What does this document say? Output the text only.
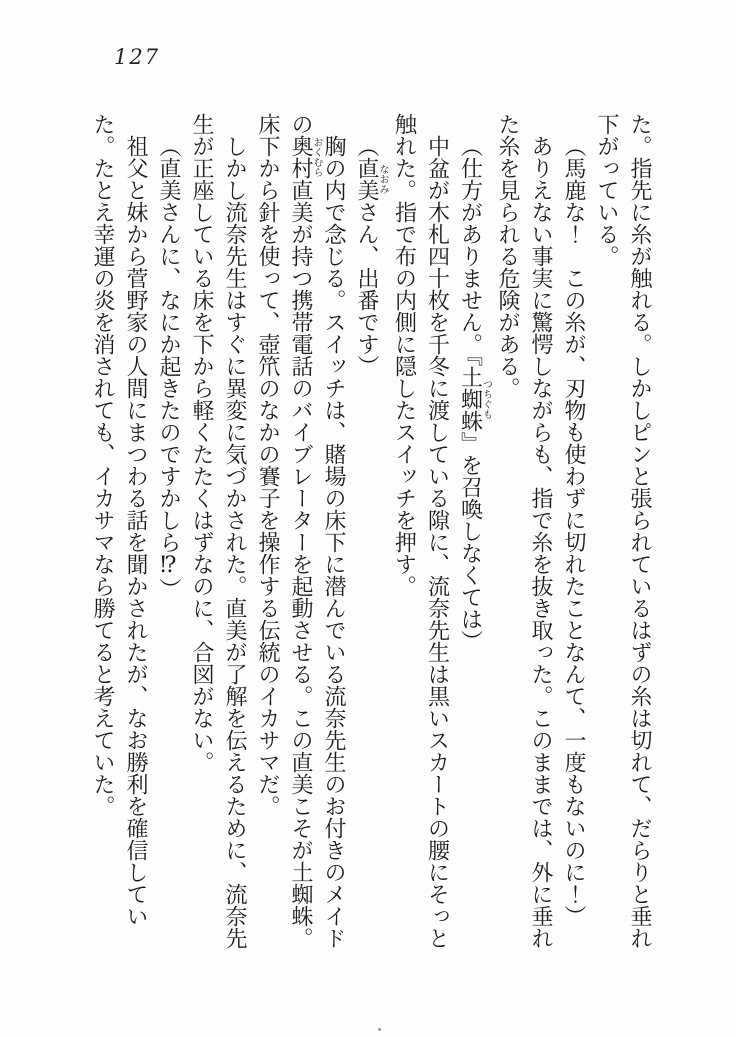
127

た。指先に糸が触れる。しかしピンと張られているはずの糸は切れて、だらりと垂れ下がっている。

（馬鹿な！　この糸が、刃物も使わずに切れたことなんて、一度もないのに！）

ありえない事実に驚愕しながらも、指で糸を抜き取った。このままでは、外に垂れた糸を見られる危険がある。

（仕方がありません。『土蜘蛛つちぐも』を召喚しなくては）

中盆が木札四十枚を千冬に渡している隙に、流奈先生は黒いスカートの腰にそっと触れた。指で布の内側に隠したスイッチを押す。

（直美なおみさん、出番です）

胸の内で念じる。スイッチは、賭場の床下に潜んでいる流奈先生のお付きのメイドの奥村おくむら直美が持つ携帯電話のバイブレーターを起動させる。この直美こそが土蜘蛛。床下から針を使って、壺笊のなかの賽子を操作する伝統のイカサマだ。

しかし流奈先生はすぐに異変に気づかされた。直美が了解を伝えるために、流奈先生が正座している床を下から軽くたたくはずなのに、合図がない。

（直美さんに、なにか起きたのですかしら⁉）

祖父と妹から菅野家の人間にまつわる話を聞かされたが、なお勝利を確信していた。たとえ幸運の炎を消されても、イカサマなら勝てると考えていた。
